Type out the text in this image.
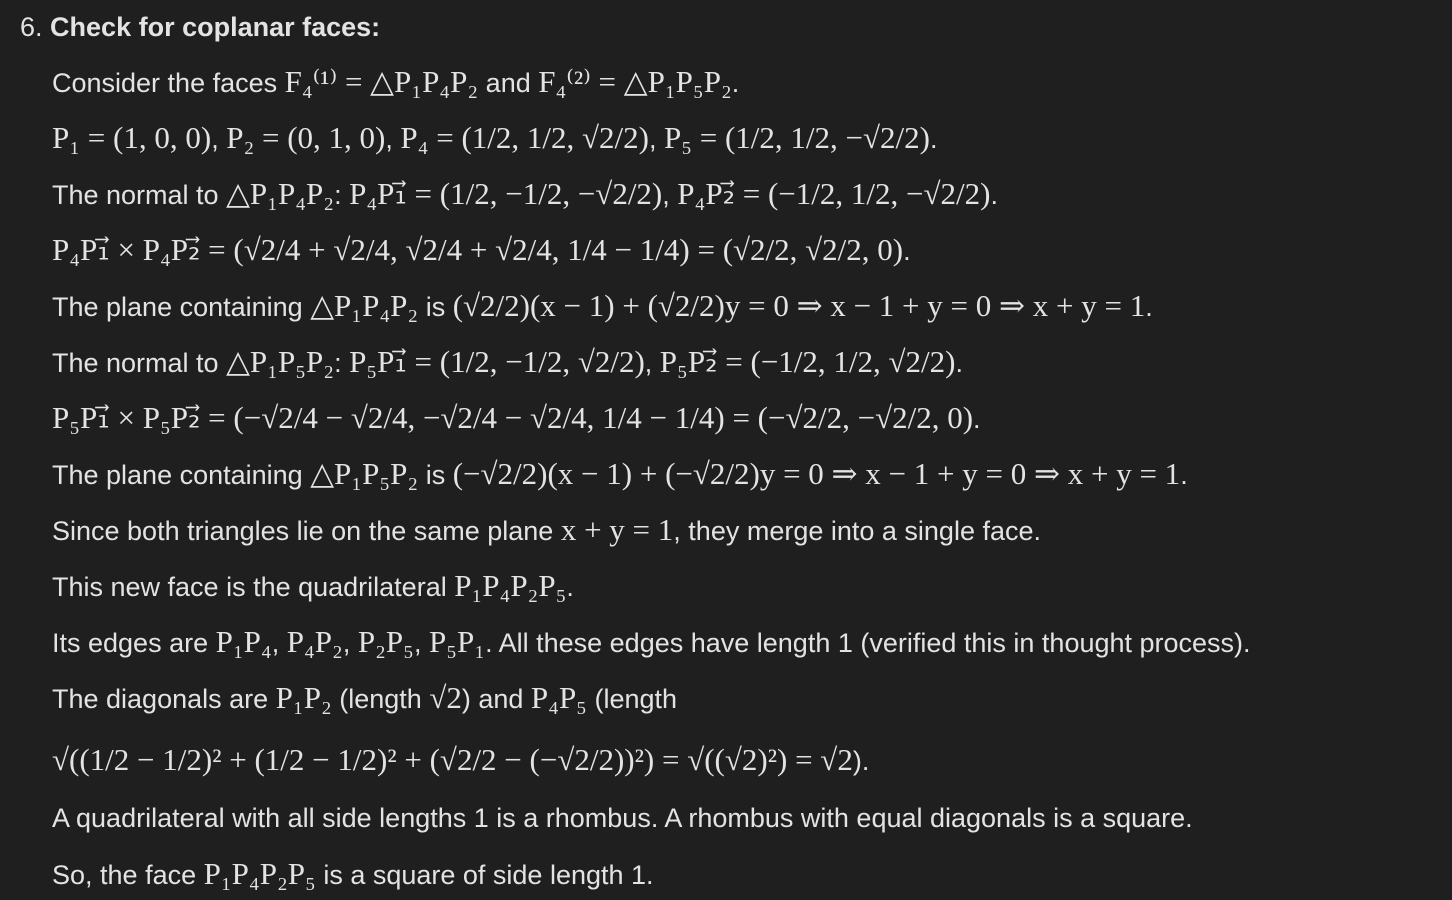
6. Check for coplanar faces:
Consider the faces F₄⁽¹⁾ = △P₁P₄P₂ and F₄⁽²⁾ = △P₁P₅P₂.
P₁ = (1, 0, 0), P₂ = (0, 1, 0), P₄ = (1/2, 1/2, √2/2), P₅ = (1/2, 1/2, −√2/2).
The normal to △P₁P₄P₂: P₄P₁⃗ = (1/2, −1/2, −√2/2), P₄P₂⃗ = (−1/2, 1/2, −√2/2).
P₄P₁⃗ × P₄P₂⃗ = (√2/4 + √2/4, √2/4 + √2/4, 1/4 − 1/4) = (√2/2, √2/2, 0).
The plane containing △P₁P₄P₂ is (√2/2)(x − 1) + (√2/2)y = 0 ⇒ x − 1 + y = 0 ⇒ x + y = 1.
The normal to △P₁P₅P₂: P₅P₁⃗ = (1/2, −1/2, √2/2), P₅P₂⃗ = (−1/2, 1/2, √2/2).
P₅P₁⃗ × P₅P₂⃗ = (−√2/4 − √2/4, −√2/4 − √2/4, 1/4 − 1/4) = (−√2/2, −√2/2, 0).
The plane containing △P₁P₅P₂ is (−√2/2)(x − 1) + (−√2/2)y = 0 ⇒ x − 1 + y = 0 ⇒ x + y = 1.
Since both triangles lie on the same plane x + y = 1, they merge into a single face.
This new face is the quadrilateral P₁P₄P₂P₅.
Its edges are P₁P₄, P₄P₂, P₂P₅, P₅P₁. All these edges have length 1 (verified this in thought process).
The diagonals are P₁P₂ (length √2) and P₄P₅ (length
√((1/2 − 1/2)² + (1/2 − 1/2)² + (√2/2 − (−√2/2))²) = √((√2)²) = √2).
A quadrilateral with all side lengths 1 is a rhombus. A rhombus with equal diagonals is a square.
So, the face P₁P₄P₂P₅ is a square of side length 1.
